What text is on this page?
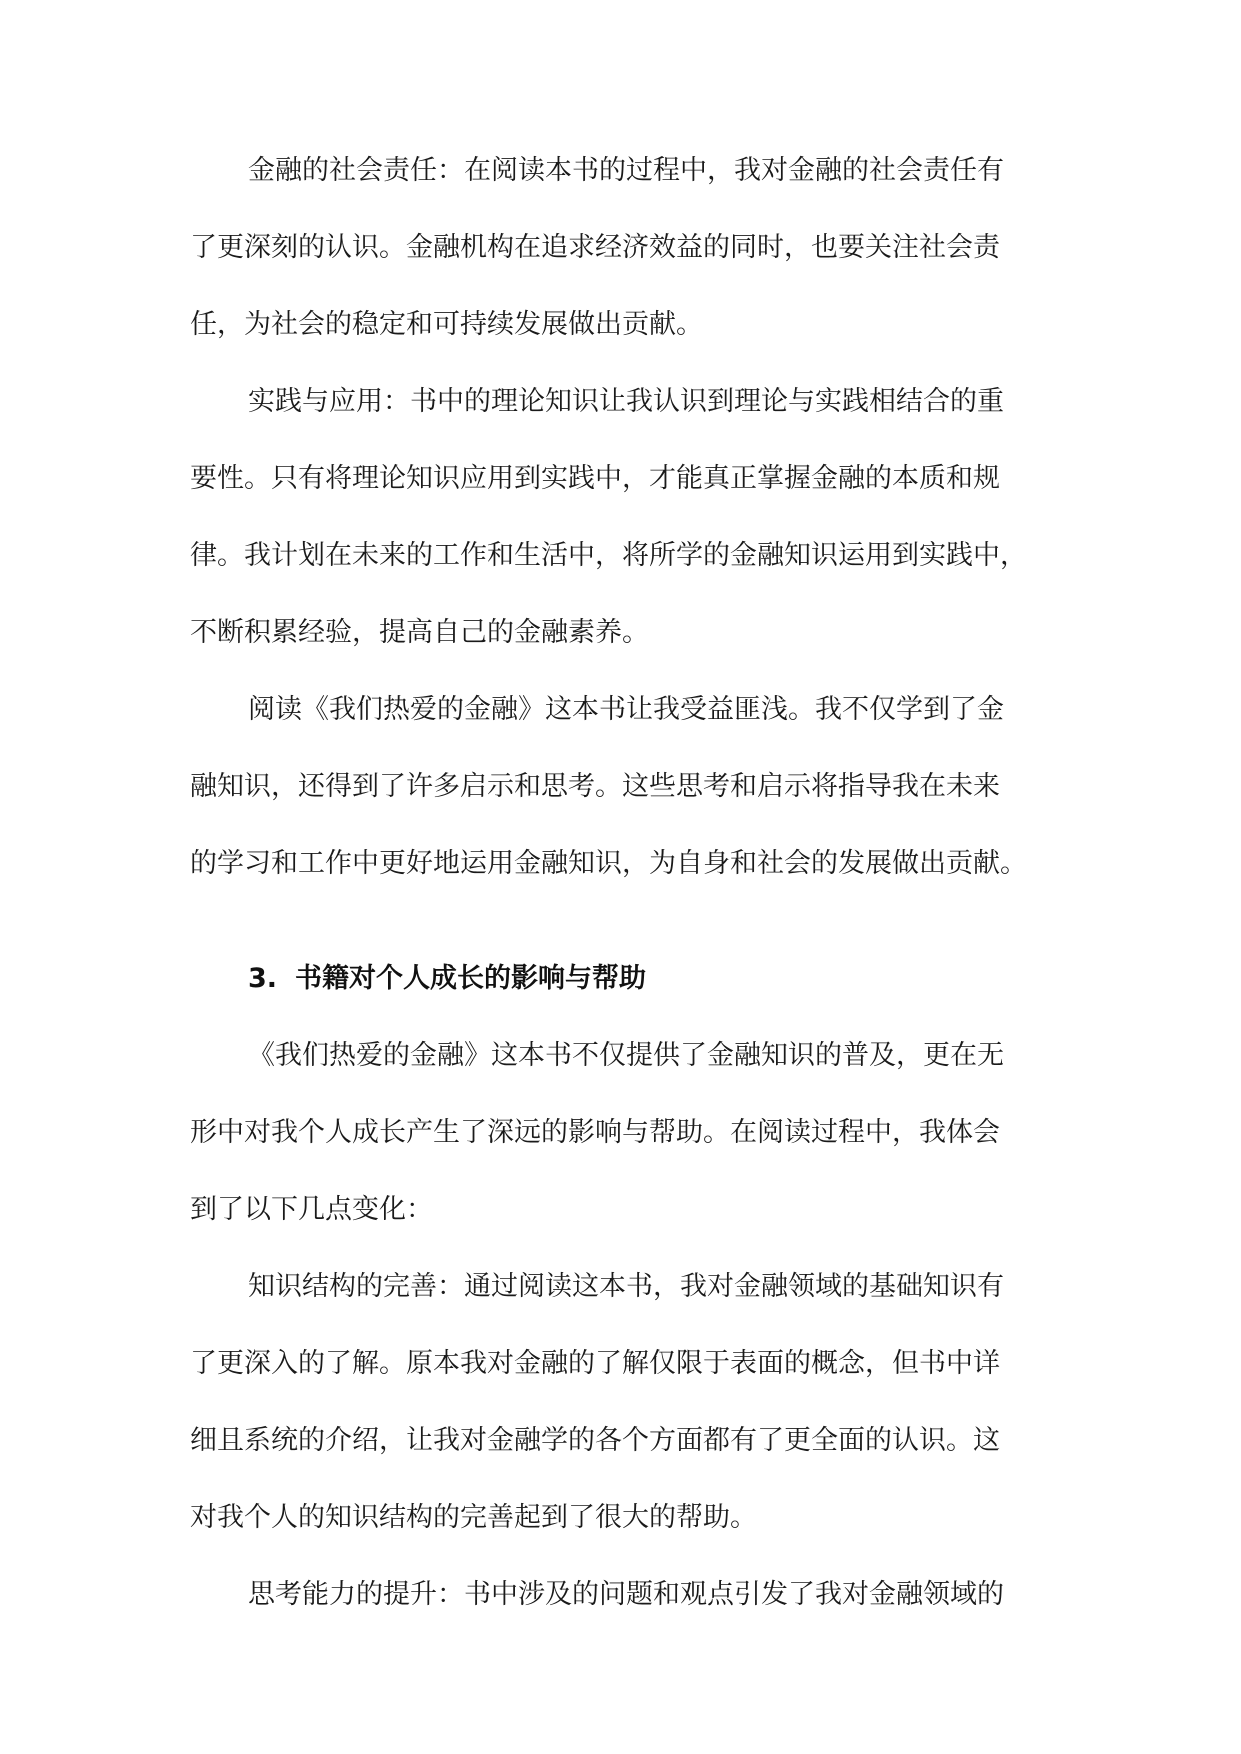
金融的社会责任：在阅读本书的过程中，我对金融的社会责任有
了更深刻的认识。金融机构在追求经济效益的同时，也要关注社会责
任，为社会的稳定和可持续发展做出贡献。

实践与应用：书中的理论知识让我认识到理论与实践相结合的重
要性。只有将理论知识应用到实践中，才能真正掌握金融的本质和规
律。我计划在未来的工作和生活中，将所学的金融知识运用到实践中，
不断积累经验，提高自己的金融素养。

阅读《我们热爱的金融》这本书让我受益匪浅。我不仅学到了金
融知识，还得到了许多启示和思考。这些思考和启示将指导我在未来
的学习和工作中更好地运用金融知识，为自身和社会的发展做出贡献。

3. 书籍对个人成长的影响与帮助

《我们热爱的金融》这本书不仅提供了金融知识的普及，更在无
形中对我个人成长产生了深远的影响与帮助。在阅读过程中，我体会
到了以下几点变化：

知识结构的完善：通过阅读这本书，我对金融领域的基础知识有
了更深入的了解。原本我对金融的了解仅限于表面的概念，但书中详
细且系统的介绍，让我对金融学的各个方面都有了更全面的认识。这
对我个人的知识结构的完善起到了很大的帮助。

思考能力的提升：书中涉及的问题和观点引发了我对金融领域的
